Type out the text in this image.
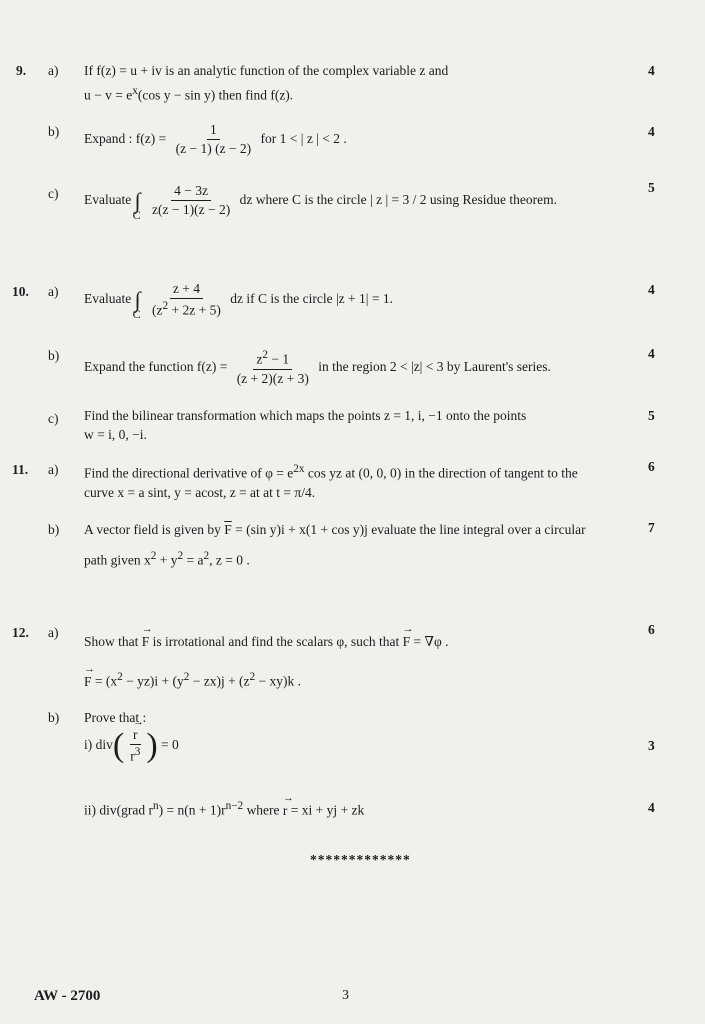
9. a) If f(z) = u + iv is an analytic function of the complex variable z and
$u - v = e^x(\cos$ y − sin y) then find f(z).
4
b) Expand : $f(z) = \frac{1}{(z - 1) (z - 2)}$ for 1 < | z | < 2 .	4
c) Evaluate ∫
C
$\frac{4 - 3z}{z(z - 1)(z - 2)}$ dz where C is the circle | z | = 3 / 2 using Residue theorem.
5
10. a) Evaluate ∫
C
$\frac{z + 4}{(z^2 + 2z + 5)}$ dz if C is the circle |z + 1| = 1.
4
b)
Expand the function $f(z) = \frac{z^2 - 1}{(z + 2)(z + 3)}$ in the region 2 < |z| < 3 by Laurent's series.
4
c) Find the bilinear transformation which maps the points z = 1, i, −1 onto the points
w = i, 0, −i.
5
11. a) Find the directional derivative of $\varphi = e^{2x}$ cos yz at (0, 0, 0) in the direction of tangent to the
curve x = a sint, y = acost, z = at at t = π/4.
6
b) A vector field is given by $\overline{F} = (\sin$ y)i + x(1 + cos y)j evaluate the line integral over a circular
path given $x^2 + y^2 = a^2$, z = 0 .
7
12. a)
Show that → F is irrotational and find the scalars φ, such that → F = ∇φ .
→ $F = (x^2 - yz)i + (y^2 - zx)j + (z^2 - xy)k$ .
6
b) Prove that :
i) $div( \to \frac{r}{r^3}$ ) = 0	3
ii) div(grad $r^n) = n(n + 1)r^{n-2}$ where → r = xi + yj + zk	4
*************
AW - 2700	3
